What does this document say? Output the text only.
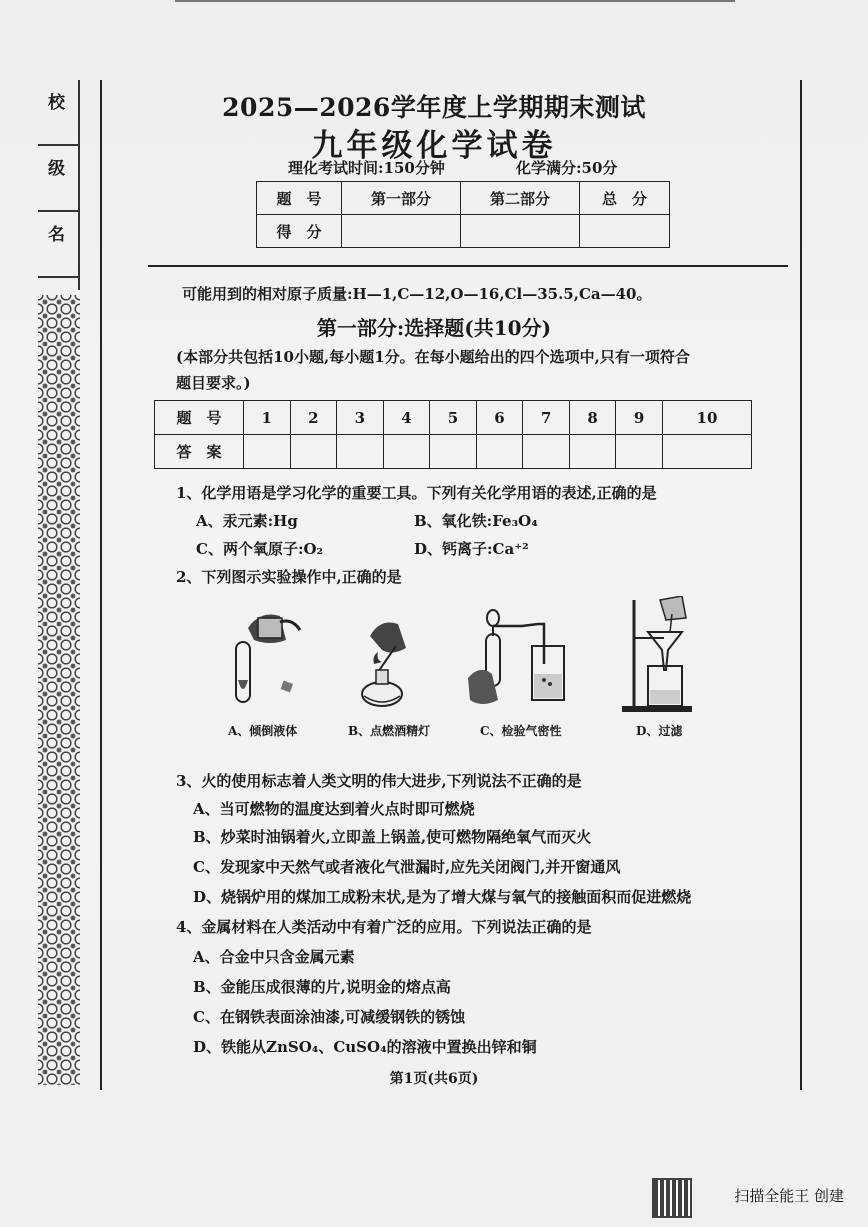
校
级
名
2025—2026学年度上学期期末测试
九年级化学试卷
理化考试时间:150分钟	化学满分:50分
题　号	第一部分	第二部分	总　分
得　分			
可能用到的相对原子质量:H—1,C—12,O—16,Cl—35.5,Ca—40。
第一部分:选择题(共10分)
(本部分共包括10小题,每小题1分。在每小题给出的四个选项中,只有一项符合
题目要求。)
题　号	1	2	3	4	5	6	7	8	9	10
答　案										
1、化学用语是学习化学的重要工具。下列有关化学用语的表述,正确的是
A、汞元素:Hg	B、氧化铁:Fe₃O₄
C、两个氧原子:O₂	D、钙离子:Ca⁺²
2、下列图示实验操作中,正确的是
A、倾倒液体	B、点燃酒精灯	C、检验气密性	D、过滤
3、火的使用标志着人类文明的伟大进步,下列说法不正确的是
A、当可燃物的温度达到着火点时即可燃烧
B、炒菜时油锅着火,立即盖上锅盖,使可燃物隔绝氧气而灭火
C、发现家中天然气或者液化气泄漏时,应先关闭阀门,并开窗通风
D、烧锅炉用的煤加工成粉末状,是为了增大煤与氧气的接触面积而促进燃烧
4、金属材料在人类活动中有着广泛的应用。下列说法正确的是
A、合金中只含金属元素
B、金能压成很薄的片,说明金的熔点高
C、在钢铁表面涂油漆,可减缓钢铁的锈蚀
D、铁能从ZnSO₄、CuSO₄的溶液中置换出锌和铜
第1页(共6页)
扫描全能王 创建
